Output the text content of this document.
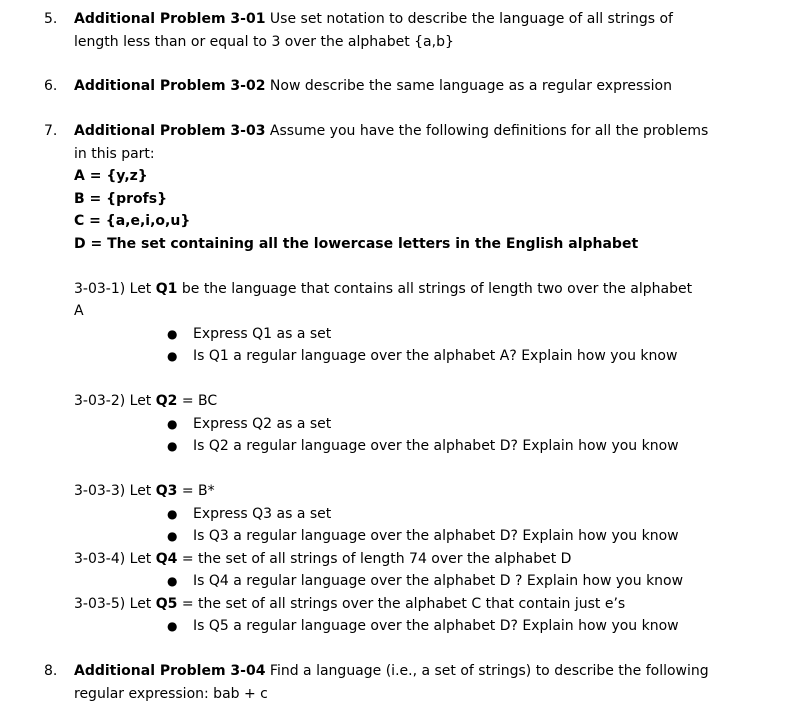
5. Additional Problem 3-01 Use set notation to describe the language of all strings of
length less than or equal to 3 over the alphabet {a,b}
6. Additional Problem 3-02 Now describe the same language as a regular expression
7. Additional Problem 3-03 Assume you have the following definitions for all the problems
in this part:
A = {y,z}
B = {profs}
C = {a,e,i,o,u}
D = The set containing all the lowercase letters in the English alphabet
3-03-1) Let Q1 be the language that contains all strings of length two over the alphabet
A
● Express Q1 as a set
● Is Q1 a regular language over the alphabet A? Explain how you know
3-03-2) Let Q2 = BC
● Express Q2 as a set
● Is Q2 a regular language over the alphabet D? Explain how you know
3-03-3) Let Q3 = B*
● Express Q3 as a set
● Is Q3 a regular language over the alphabet D? Explain how you know
3-03-4) Let Q4 = the set of all strings of length 74 over the alphabet D
● Is Q4 a regular language over the alphabet D ? Explain how you know
3-03-5) Let Q5 = the set of all strings over the alphabet C that contain just e’s
● Is Q5 a regular language over the alphabet D? Explain how you know
8. Additional Problem 3-04 Find a language (i.e., a set of strings) to describe the following
regular expression: bab + c
